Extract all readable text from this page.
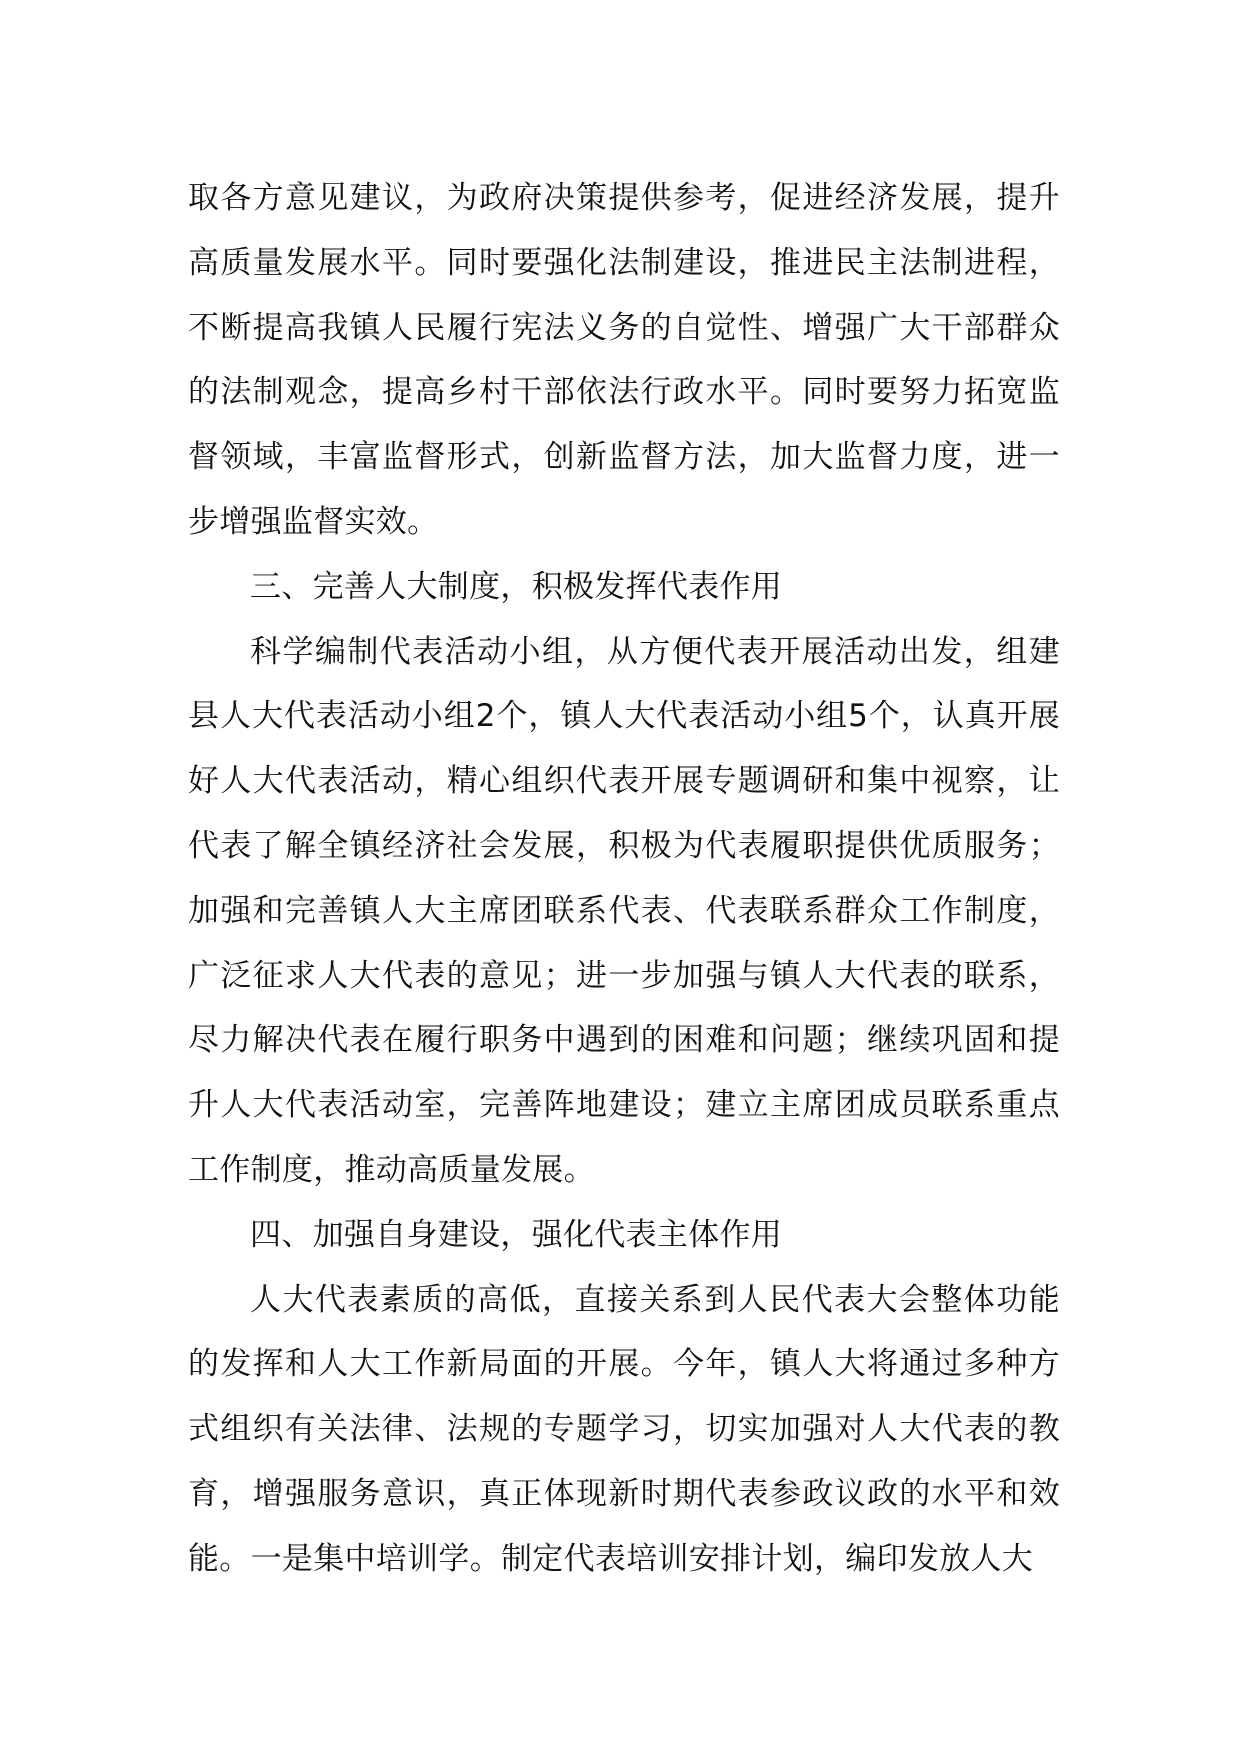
取各方意见建议，为政府决策提供参考，促进经济发展，提升高质量发展水平。同时要强化法制建设，推进民主法制进程，不断提高我镇人民履行宪法义务的自觉性、增强广大干部群众的法制观念，提高乡村干部依法行政水平。同时要努力拓宽监督领域，丰富监督形式，创新监督方法，加大监督力度，进一步增强监督实效。

三、完善人大制度，积极发挥代表作用

科学编制代表活动小组，从方便代表开展活动出发，组建县人大代表活动小组2个，镇人大代表活动小组5个，认真开展好人大代表活动，精心组织代表开展专题调研和集中视察，让代表了解全镇经济社会发展，积极为代表履职提供优质服务；加强和完善镇人大主席团联系代表、代表联系群众工作制度，广泛征求人大代表的意见；进一步加强与镇人大代表的联系，尽力解决代表在履行职务中遇到的困难和问题；继续巩固和提升人大代表活动室，完善阵地建设；建立主席团成员联系重点工作制度，推动高质量发展。

四、加强自身建设，强化代表主体作用

人大代表素质的高低，直接关系到人民代表大会整体功能的发挥和人大工作新局面的开展。今年，镇人大将通过多种方式组织有关法律、法规的专题学习，切实加强对人大代表的教育，增强服务意识，真正体现新时期代表参政议政的水平和效能。一是集中培训学。制定代表培训安排计划，编印发放人大
